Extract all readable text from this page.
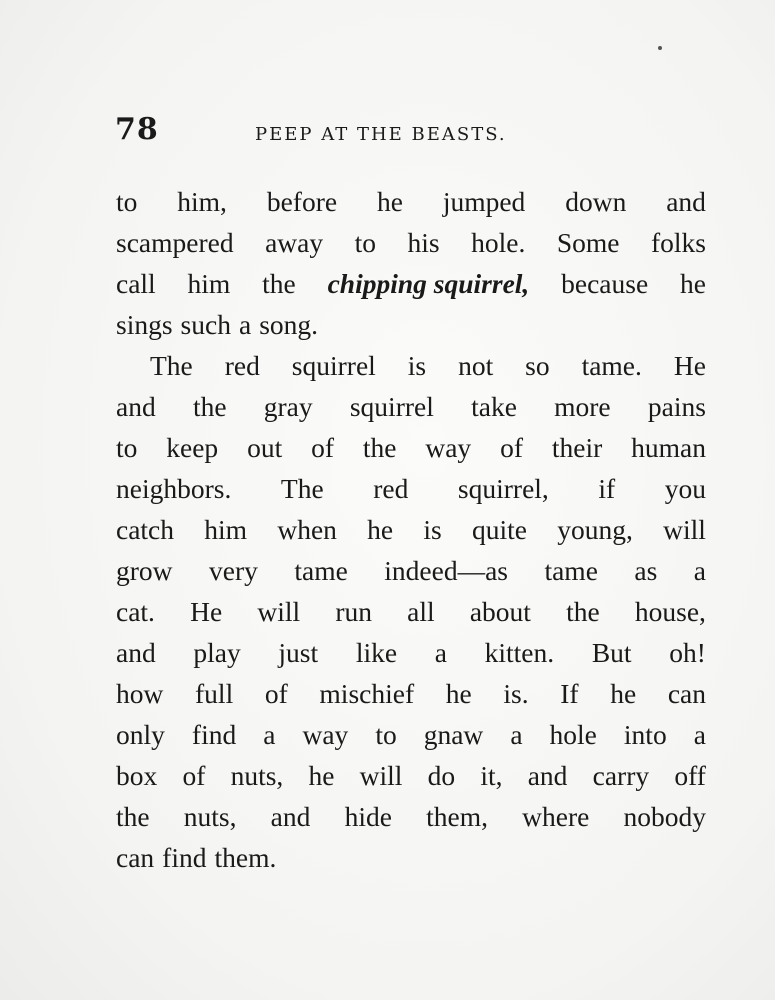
78	PEEP AT THE BEASTS.
to him, before he jumped down and
scampered away to his hole. Some folks
call him the chipping squirrel, because he
sings such a song.
The red squirrel is not so tame. He
and the gray squirrel take more pains
to keep out of the way of their human
neighbors. The red squirrel, if you
catch him when he is quite young, will
grow very tame indeed—as tame as a
cat. He will run all about the house,
and play just like a kitten. But oh!
how full of mischief he is. If he can
only find a way to gnaw a hole into a
box of nuts, he will do it, and carry off
the nuts, and hide them, where nobody
can find them.
